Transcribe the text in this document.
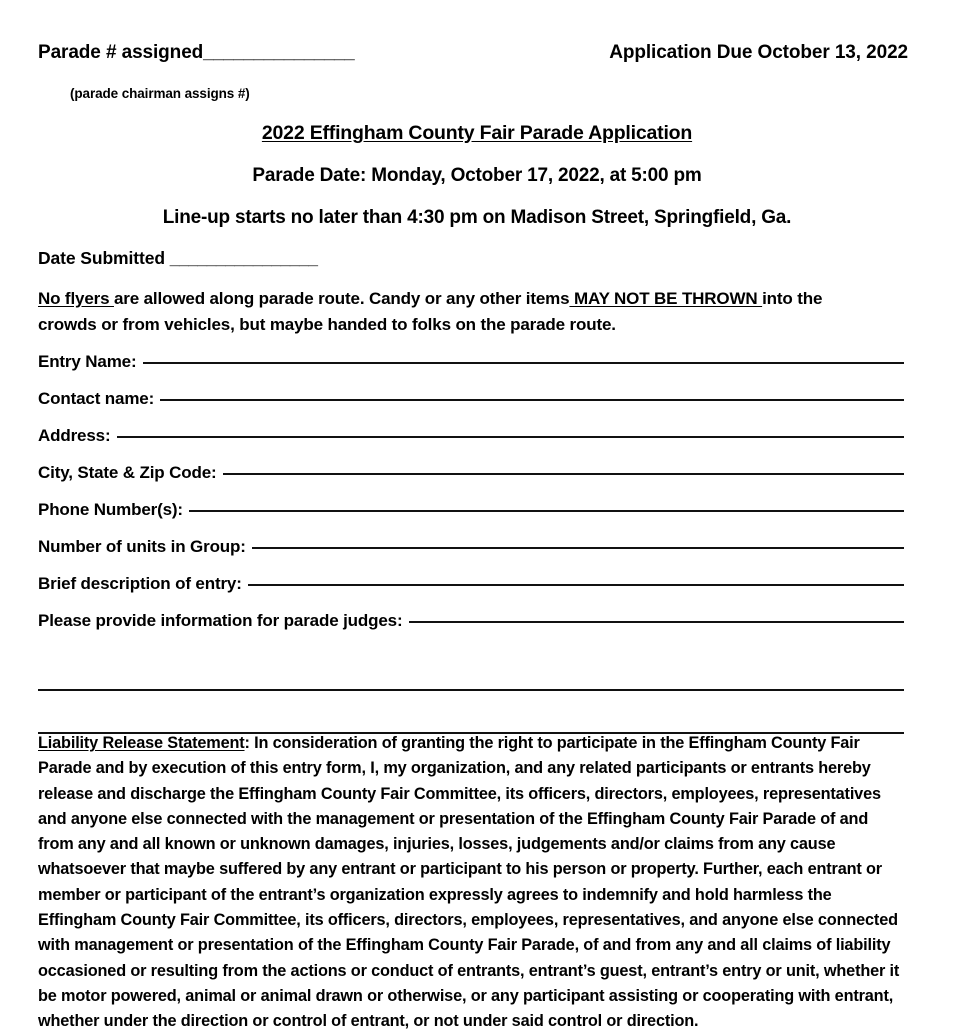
Parade # assigned_______________	Application Due October 13, 2022
(parade chairman assigns #)
2022 Effingham County Fair Parade Application
Parade Date: Monday, October 17, 2022, at 5:00 pm
Line-up starts no later than 4:30 pm on Madison Street, Springfield, Ga.
Date Submitted ________________
No flyers are allowed along parade route. Candy or any other items MAY NOT BE THROWN into the crowds or from vehicles, but maybe handed to folks on the parade route.
Entry Name:
Contact name:
Address:
City, State & Zip Code:
Phone Number(s):
Number of units in Group:
Brief description of entry:
Please provide information for parade judges:
Liability Release Statement: In consideration of granting the right to participate in the Effingham County Fair Parade and by execution of this entry form, I, my organization, and any related participants or entrants hereby release and discharge the Effingham County Fair Committee, its officers, directors, employees, representatives and anyone else connected with the management or presentation of the Effingham County Fair Parade of and from any and all known or unknown damages, injuries, losses, judgements and/or claims from any cause whatsoever that maybe suffered by any entrant or participant to his person or property. Further, each entrant or member or participant of the entrant’s organization expressly agrees to indemnify and hold harmless the Effingham County Fair Committee, its officers, directors, employees, representatives, and anyone else connected with management or presentation of the Effingham County Fair Parade, of and from any and all claims of liability occasioned or resulting from the actions or conduct of entrants, entrant’s guest, entrant’s entry or unit, whether it be motor powered, animal or animal drawn or otherwise, or any participant assisting or cooperating with entrant, whether under the direction or control of entrant, or not under said control or direction.
